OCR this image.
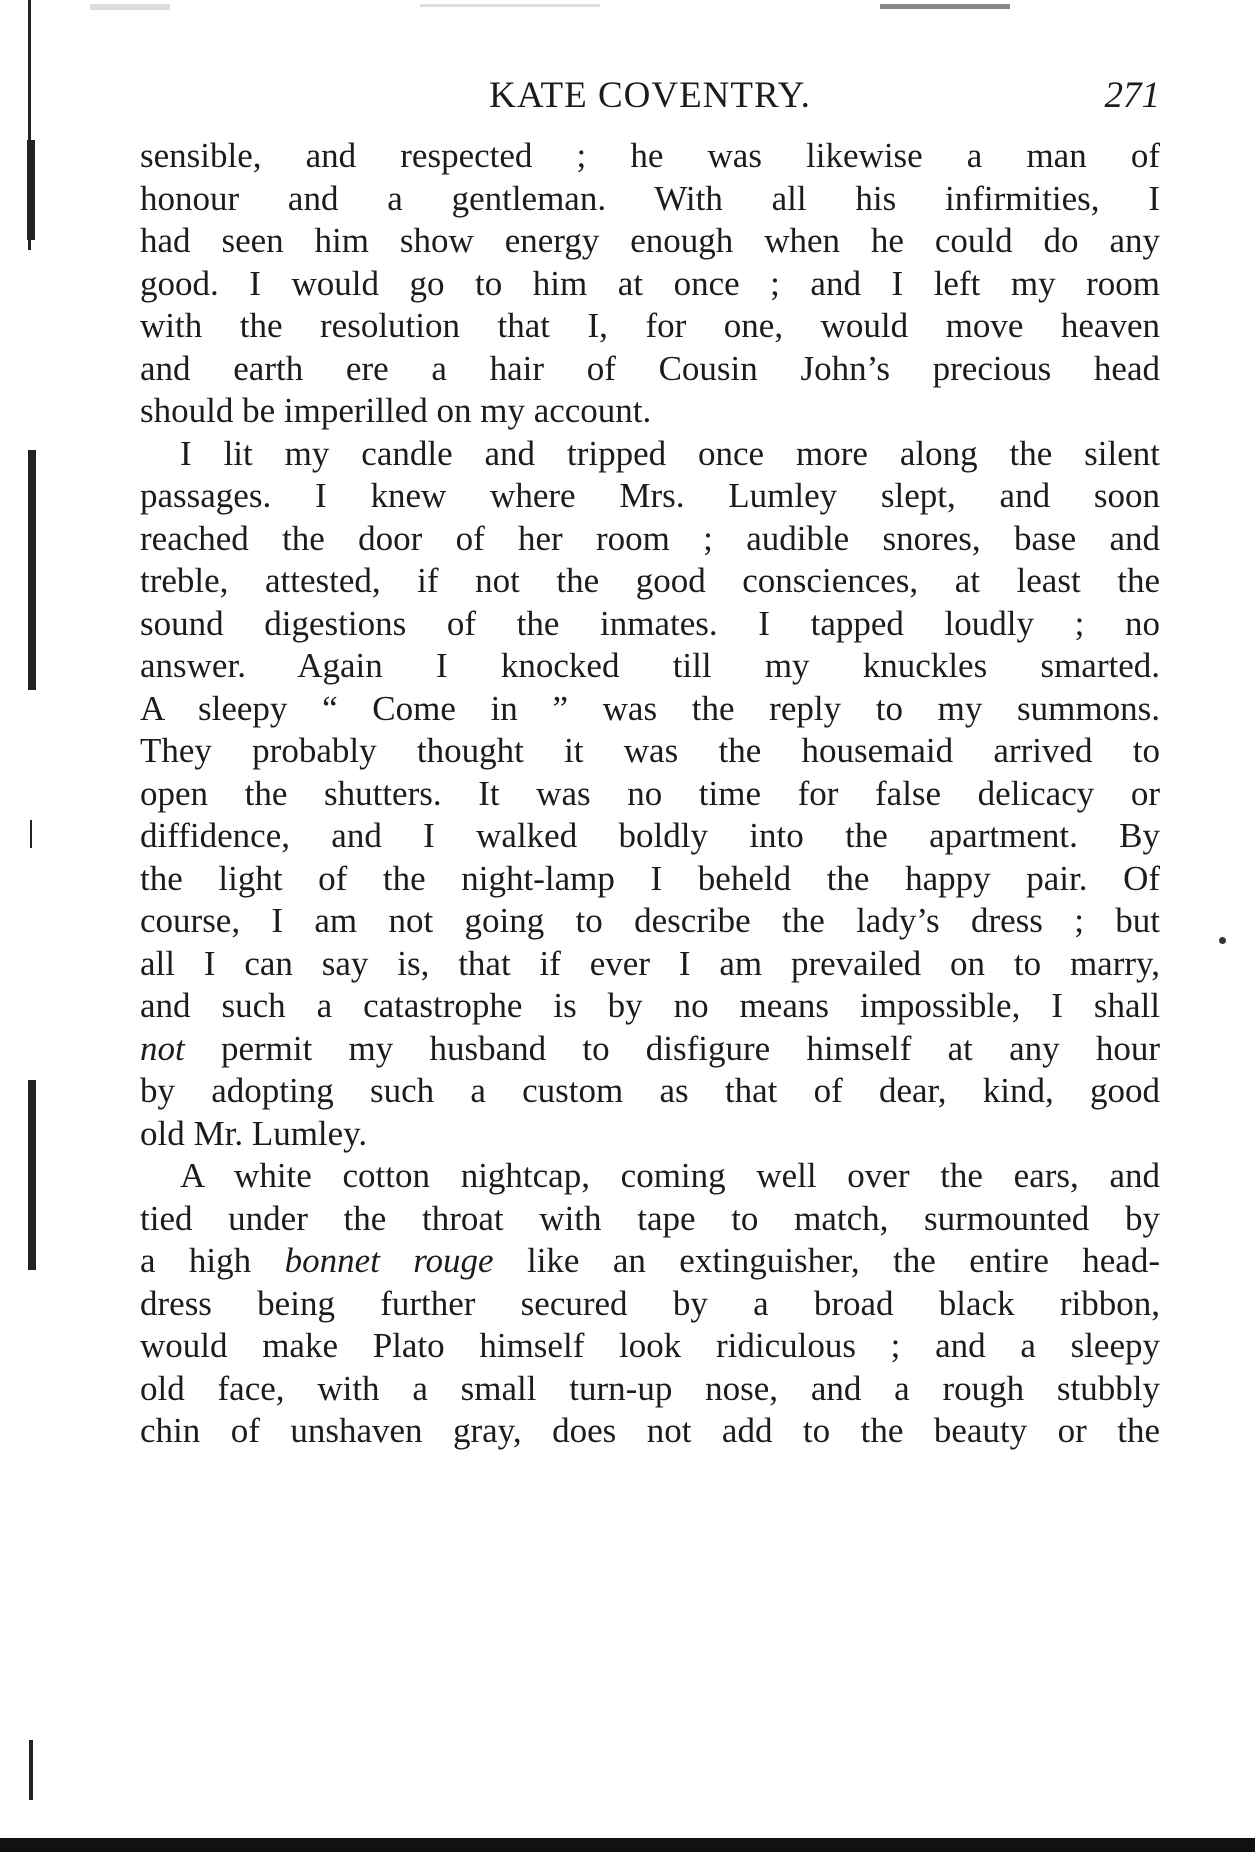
KATE COVENTRY.	271
sensible, and respected ; he was likewise a man of
honour and a gentleman. With all his infirmities, I
had seen him show energy enough when he could do any
good. I would go to him at once ; and I left my room
with the resolution that I, for one, would move heaven
and earth ere a hair of Cousin John’s precious head
should be imperilled on my account.
I lit my candle and tripped once more along the silent
passages. I knew where Mrs. Lumley slept, and soon
reached the door of her room ; audible snores, base and
treble, attested, if not the good consciences, at least the
sound digestions of the inmates. I tapped loudly ; no
answer. Again I knocked till my knuckles smarted.
A sleepy “ Come in ” was the reply to my summons.
They probably thought it was the housemaid arrived to
open the shutters. It was no time for false delicacy or
diffidence, and I walked boldly into the apartment. By
the light of the night-lamp I beheld the happy pair. Of
course, I am not going to describe the lady’s dress ; but
all I can say is, that if ever I am prevailed on to marry,
and such a catastrophe is by no means impossible, I shall
not permit my husband to disfigure himself at any hour
by adopting such a custom as that of dear, kind, good
old Mr. Lumley.
A white cotton nightcap, coming well over the ears, and
tied under the throat with tape to match, surmounted by
a high bonnet rouge like an extinguisher, the entire head-
dress being further secured by a broad black ribbon,
would make Plato himself look ridiculous ; and a sleepy
old face, with a small turn-up nose, and a rough stubbly
chin of unshaven gray, does not add to the beauty or the
